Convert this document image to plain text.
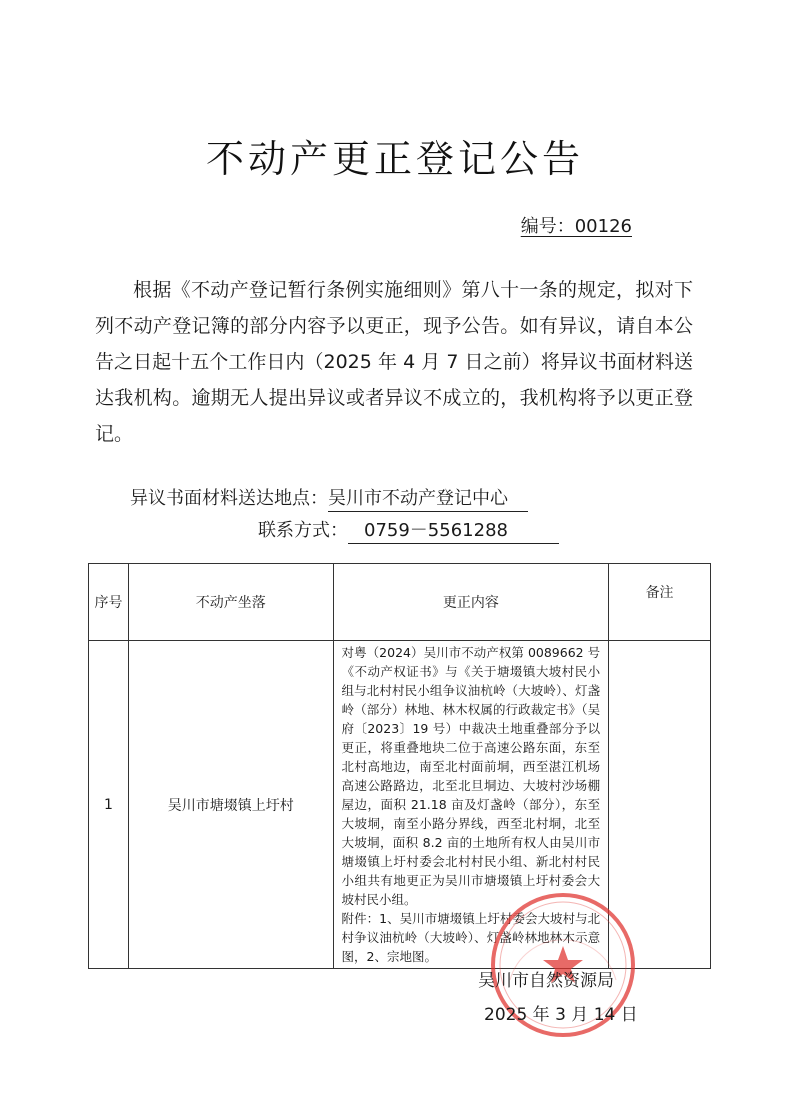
不动产更正登记公告
编号：00126
根据《不动产登记暂行条例实施细则》第八十一条的规定，拟对下列不动产登记簿的部分内容予以更正，现予公告。如有异议，请自本公告之日起十五个工作日内（2025 年 4 月 7 日之前）将异议书面材料送达我机构。逾期无人提出异议或者异议不成立的，我机构将予以更正登记。
异议书面材料送达地点：吴川市不动产登记中心
联系方式： 0759－5561288
序号	不动产坐落	更正内容	备注
1	吴川市塘㙍镇上圩村	对粤（2024）吴川市不动产权第 0089662 号《不动产权证书》与《关于塘㙍镇大坡村民小组与北村村民小组争议油杭岭（大坡岭）、灯盏岭（部分）林地、林木权属的行政裁定书》（吴府〔2023〕19 号）中裁决土地重叠部分予以更正，将重叠地块二位于高速公路东面，东至北村高地边，南至北村面前垌，西至湛江机场高速公路路边，北至北旦垌边、大坡村沙场棚屋边，面积 21.18 亩及灯盏岭（部分），东至大坡垌，南至小路分界线，西至北村垌，北至大坡垌，面积 8.2 亩的土地所有权人由吴川市塘㙍镇上圩村委会北村村民小组、新北村村民小组共有地更正为吴川市塘㙍镇上圩村委会大坡村民小组。
附件：1、吴川市塘㙍镇上圩村委会大坡村与北村争议油杭岭（大坡岭）、灯盏岭林地林木示意图，2、宗地图。	

吴川市自然资源局
2025 年 3 月 14 日
